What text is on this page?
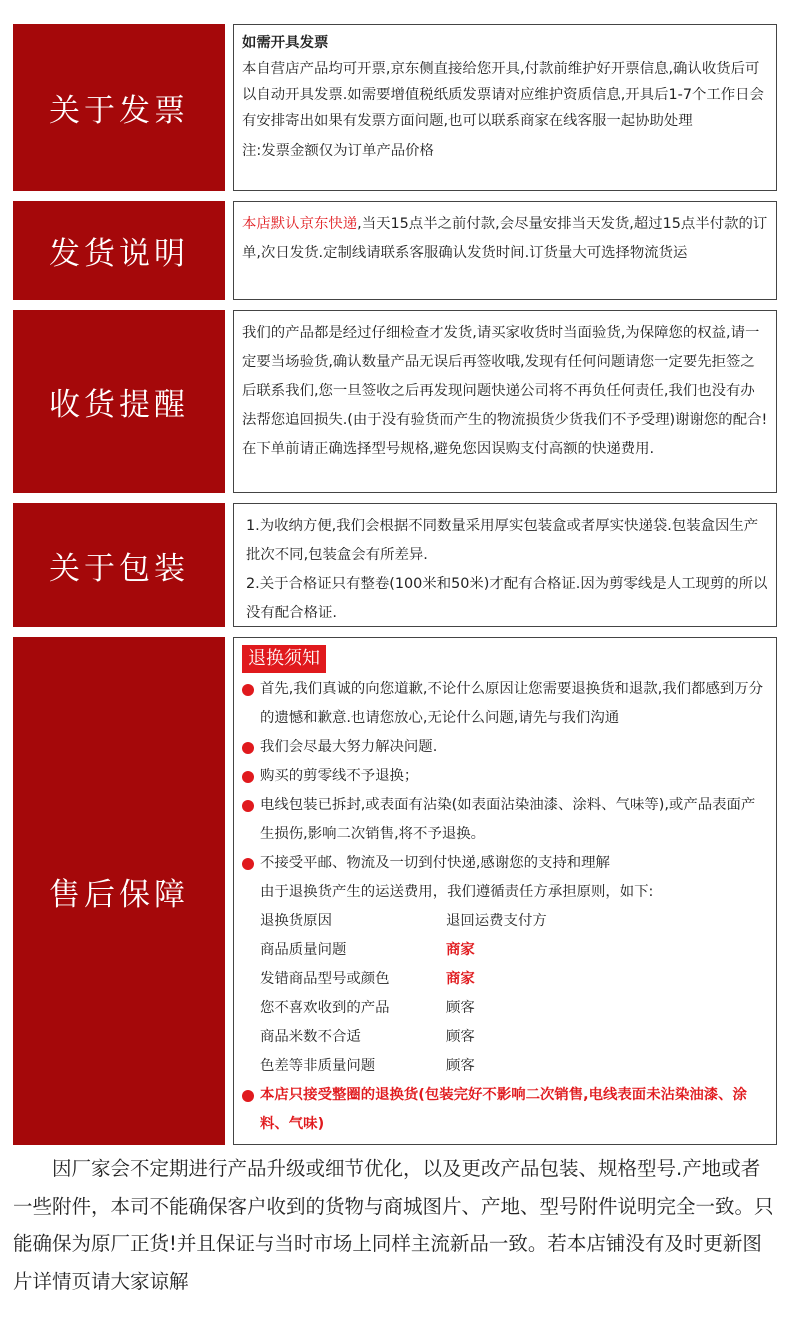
关于发票

如需开具发票

本自营店产品均可开票,京东侧直接给您开具,付款前维护好开票信息,确认收货后可以自动开具发票.如需要增值税纸质发票请对应维护资质信息,开具后1-7个工作日会有安排寄出如果有发票方面问题,也可以联系商家在线客服一起协助处理

注:发票金额仅为订单产品价格

发货说明

本店默认京东快递,当天15点半之前付款,会尽量安排当天发货,超过15点半付款的订单,次日发货.定制线请联系客服确认发货时间.订货量大可选择物流货运

收货提醒

我们的产品都是经过仔细检查才发货,请买家收货时当面验货,为保障您的权益,请一定要当场验货,确认数量产品无误后再签收哦,发现有任何问题请您一定要先拒签之后联系我们,您一旦签收之后再发现问题快递公司将不再负任何责任,我们也没有办法帮您追回损失.(由于没有验货而产生的物流损货少货我们不予受理)谢谢您的配合!在下单前请正确选择型号规格,避免您因误购支付高额的快递费用.

关于包装

1.为收纳方便,我们会根据不同数量采用厚实包装盒或者厚实快递袋.包装盒因生产批次不同,包装盒会有所差异.

2.关于合格证只有整卷(100米和50米)才配有合格证.因为剪零线是人工现剪的所以没有配合格证.

售后保障
退换须知

首先,我们真诚的向您道歉,不论什么原因让您需要退换货和退款,我们都感到万分的遗憾和歉意.也请您放心,无论什么问题,请先与我们沟通

我们会尽最大努力解决问题.

购买的剪零线不予退换；

电线包装已拆封,或表面有沾染(如表面沾染油漆、涂料、气味等),或产品表面产生损伤,影响二次销售,将不予退换。

不接受平邮、物流及一切到付快递,感谢您的支持和理解

由于退换货产生的运送费用，我们遵循责任方承担原则，如下:

退换货原因	退回运费支付方
商品质量问题	商家
发错商品型号或颜色	商家
您不喜欢收到的产品	顾客
商品米数不合适	顾客
色差等非质量问题	顾客

本店只接受整圈的退换货(包装完好不影响二次销售,电线表面未沾染油漆、涂料、气味)

因厂家会不定期进行产品升级或细节优化，以及更改产品包装、规格型号.产地或者一些附件，本司不能确保客户收到的货物与商城图片、产地、型号附件说明完全一致。只能确保为原厂正货!并且保证与当时市场上同样主流新品一致。若本店铺没有及时更新图片详情页请大家谅解
